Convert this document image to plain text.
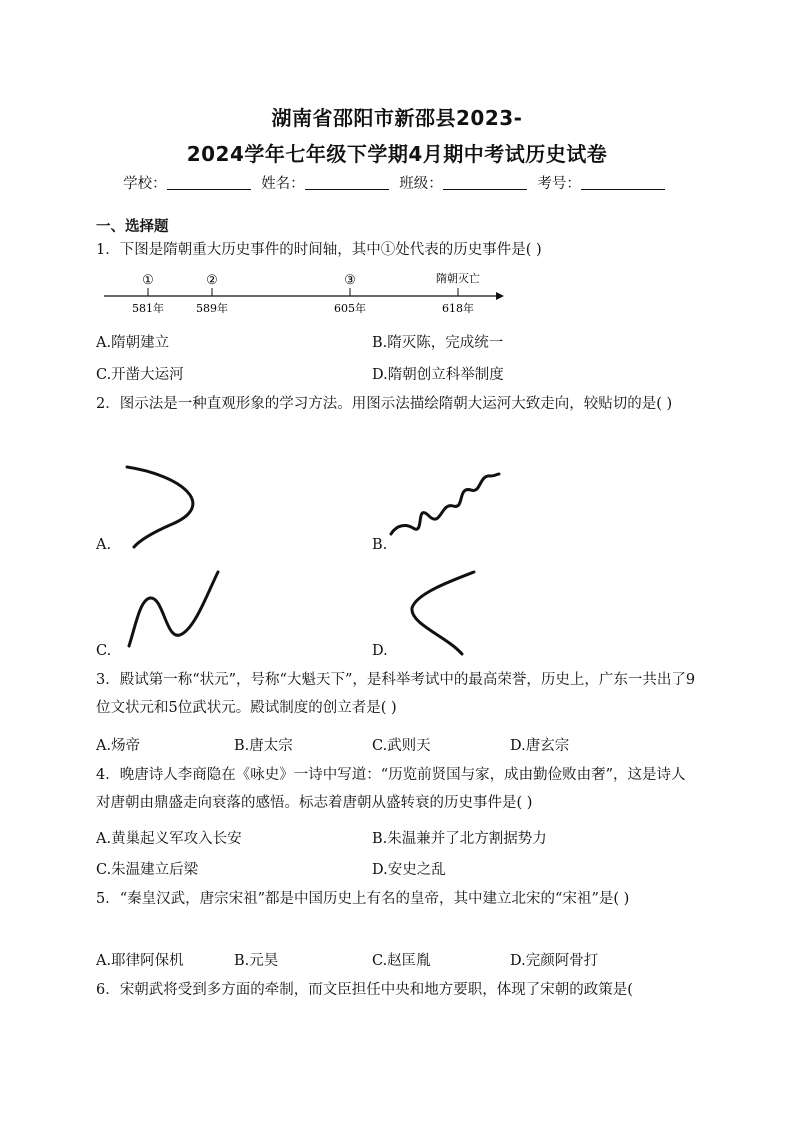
湖南省邵阳市新邵县2023-
2024学年七年级下学期4月期中考试历史试卷
学校：	姓名：	班级：	考号：
一、选择题
1．下图是隋朝重大历史事件的时间轴，其中①处代表的历史事件是( )
①	②	③	隋朝灭亡
581年	589年	605年	618年
A.隋朝建立	B.隋灭陈，完成统一
C.开凿大运河	D.隋朝创立科举制度
2．图示法是一种直观形象的学习方法。用图示法描绘隋朝大运河大致走向，较贴切的是( )
A.	B.
C.	D.
3．殿试第一称“状元”，号称“大魁天下”，是科举考试中的最高荣誉，历史上，广东一共出了9位文状元和5位武状元。殿试制度的创立者是( )
A.炀帝	B.唐太宗	C.武则天	D.唐玄宗
4．晚唐诗人李商隐在《咏史》一诗中写道：“历览前贤国与家，成由勤俭败由奢”，这是诗人对唐朝由鼎盛走向衰落的感悟。标志着唐朝从盛转衰的历史事件是( )
A.黄巢起义军攻入长安	B.朱温兼并了北方割据势力
C.朱温建立后梁	D.安史之乱
5．“秦皇汉武，唐宗宋祖”都是中国历史上有名的皇帝，其中建立北宋的“宋祖”是( )
A.耶律阿保机	B.元昊	C.赵匡胤	D.完颜阿骨打
6．宋朝武将受到多方面的牵制，而文臣担任中央和地方要职，体现了宋朝的政策是(
